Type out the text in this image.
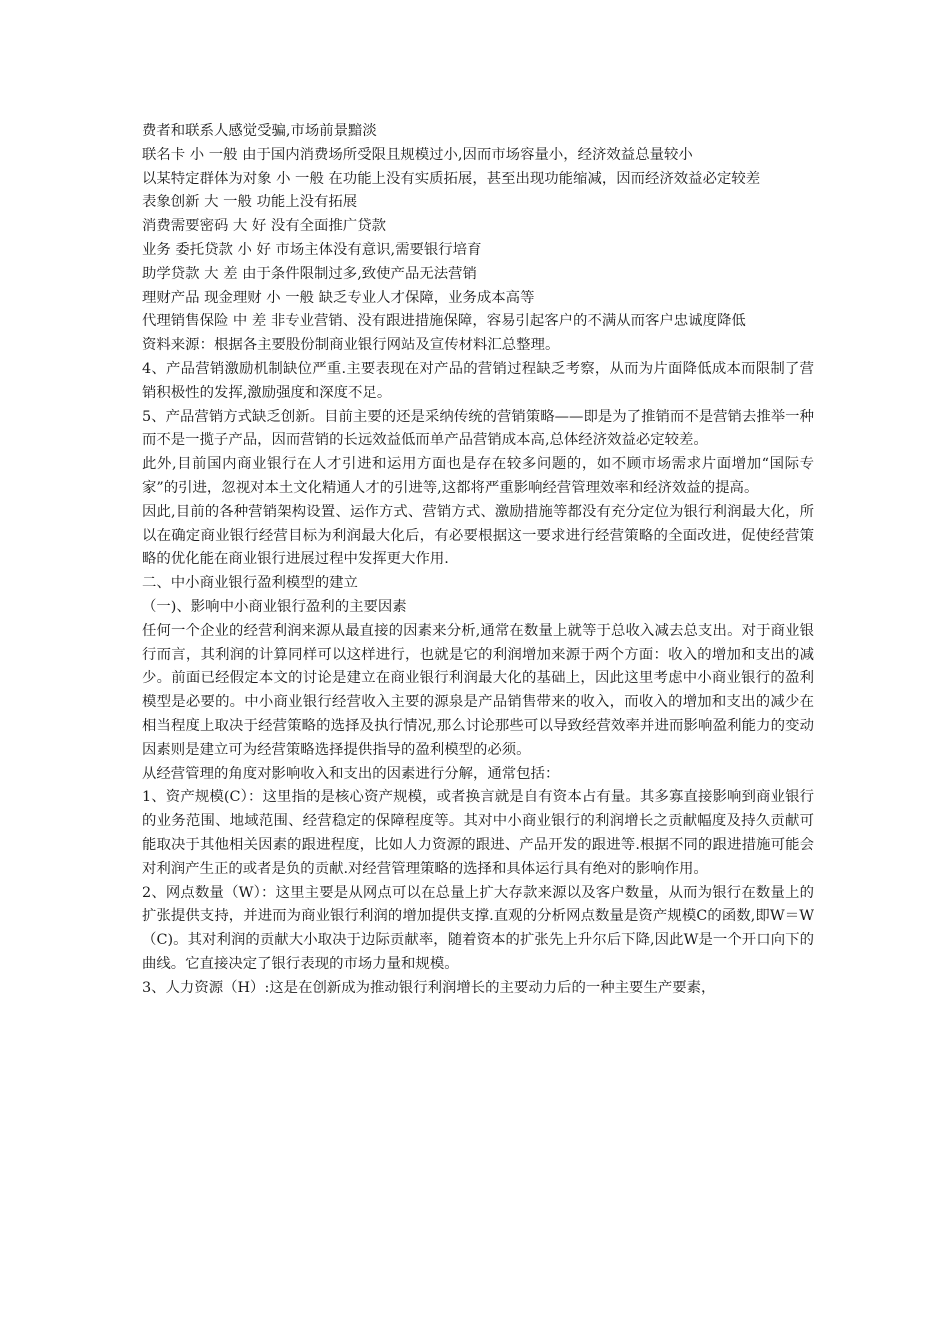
费者和联系人感觉受骗,市场前景黯淡

联名卡 小 一般 由于国内消费场所受限且规模过小,因而市场容量小，经济效益总量较小

以某特定群体为对象 小 一般 在功能上没有实质拓展，甚至出现功能缩减，因而经济效益必定较差

表象创新 大 一般 功能上没有拓展

消费需要密码 大 好 没有全面推广贷款

业务 委托贷款 小 好 市场主体没有意识,需要银行培育

助学贷款 大 差 由于条件限制过多,致使产品无法营销

理财产品 现金理财 小 一般 缺乏专业人才保障，业务成本高等

代理销售保险 中 差 非专业营销、没有跟进措施保障，容易引起客户的不满从而客户忠诚度降低

资料来源：根据各主要股份制商业银行网站及宣传材料汇总整理。

4、产品营销激励机制缺位严重.主要表现在对产品的营销过程缺乏考察，从而为片面降低成本而限制了营销积极性的发挥,激励强度和深度不足。

5、产品营销方式缺乏创新。目前主要的还是采纳传统的营销策略——即是为了推销而不是营销去推举一种而不是一揽子产品，因而营销的长远效益低而单产品营销成本高,总体经济效益必定较差。

此外,目前国内商业银行在人才引进和运用方面也是存在较多问题的，如不顾市场需求片面增加“国际专家”的引进，忽视对本土文化精通人才的引进等,这都将严重影响经营管理效率和经济效益的提高。

因此,目前的各种营销架构设置、运作方式、营销方式、激励措施等都没有充分定位为银行利润最大化，所以在确定商业银行经营目标为利润最大化后，有必要根据这一要求进行经营策略的全面改进，促使经营策略的优化能在商业银行进展过程中发挥更大作用.

二、中小商业银行盈利模型的建立

（一)、影响中小商业银行盈利的主要因素

任何一个企业的经营利润来源从最直接的因素来分析,通常在数量上就等于总收入减去总支出。对于商业银行而言，其利润的计算同样可以这样进行，也就是它的利润增加来源于两个方面：收入的增加和支出的减少。前面已经假定本文的讨论是建立在商业银行利润最大化的基础上，因此这里考虑中小商业银行的盈利模型是必要的。中小商业银行经营收入主要的源泉是产品销售带来的收入，而收入的增加和支出的减少在相当程度上取决于经营策略的选择及执行情况,那么讨论那些可以导致经营效率并进而影响盈利能力的变动因素则是建立可为经营策略选择提供指导的盈利模型的必须。

从经营管理的角度对影响收入和支出的因素进行分解，通常包括：

1、资产规模(C）：这里指的是核心资产规模，或者换言就是自有资本占有量。其多寡直接影响到商业银行的业务范围、地域范围、经营稳定的保障程度等。其对中小商业银行的利润增长之贡献幅度及持久贡献可能取决于其他相关因素的跟进程度，比如人力资源的跟进、产品开发的跟进等.根据不同的跟进措施可能会对利润产生正的或者是负的贡献.对经营管理策略的选择和具体运行具有绝对的影响作用。

2、网点数量（W）：这里主要是从网点可以在总量上扩大存款来源以及客户数量，从而为银行在数量上的扩张提供支持，并进而为商业银行利润的增加提供支撑.直观的分析网点数量是资产规模C的函数,即W＝W（C)。其对利润的贡献大小取决于边际贡献率，随着资本的扩张先上升尔后下降,因此W是一个开口向下的曲线。它直接决定了银行表现的市场力量和规模。

3、人力资源（H）:这是在创新成为推动银行利润增长的主要动力后的一种主要生产要素，
